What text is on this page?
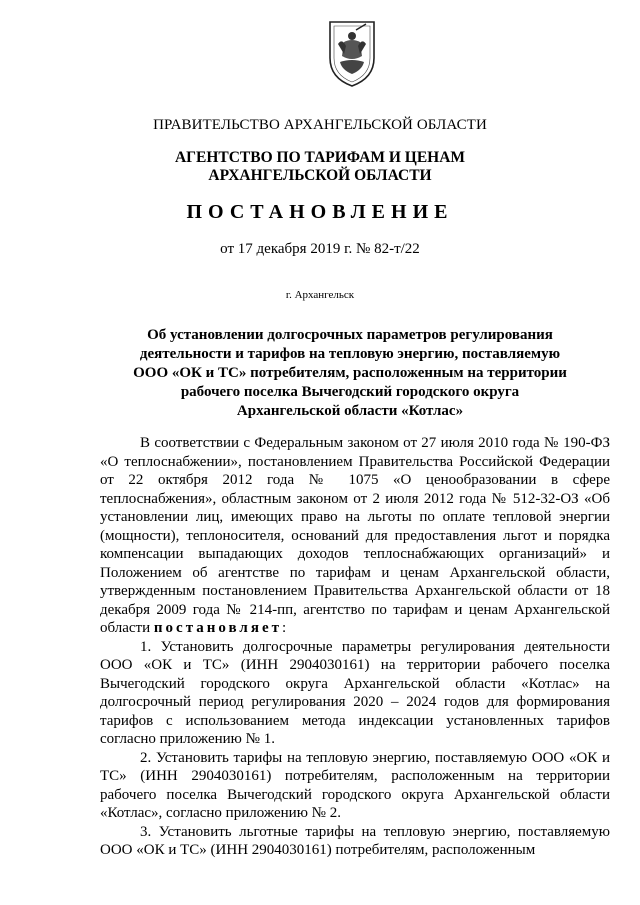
ПРАВИТЕЛЬСТВО АРХАНГЕЛЬСКОЙ ОБЛАСТИ
АГЕНТСТВО ПО ТАРИФАМ И ЦЕНАМ
АРХАНГЕЛЬСКОЙ ОБЛАСТИ
ПОСТАНОВЛЕНИЕ
от 17 декабря 2019 г. № 82-т/22
г. Архангельск
Об установлении долгосрочных параметров регулирования
деятельности и тарифов на тепловую энергию, поставляемую
ООО «ОК и ТС» потребителям, расположенным на территории
рабочего поселка Вычегодский городского округа
Архангельской области «Котлас»

В соответствии с Федеральным законом от 27 июля 2010 года № 190-ФЗ «О теплоснабжении», постановлением Правительства Российской Федерации от 22 октября 2012 года № 1075 «О ценообразовании в сфере теплоснабжения», областным законом от 2 июля 2012 года № 512-32-ОЗ «Об установлении лиц, имеющих право на льготы по оплате тепловой энергии (мощности), теплоносителя, оснований для предоставления льгот и порядка компенсации выпадающих доходов теплоснабжающих организаций» и Положением об агентстве по тарифам и ценам Архангельской области, утвержденным постановлением Правительства Архангельской области от 18 декабря 2009 года № 214-пп, агентство по тарифам и ценам Архангельской области постановляет:

1. Установить долгосрочные параметры регулирования деятельности ООО «ОК и ТС» (ИНН 2904030161) на территории рабочего поселка Вычегодский городского округа Архангельской области «Котлас» на долгосрочный период регулирования 2020 – 2024 годов для формирования тарифов с использованием метода индексации установленных тарифов согласно приложению № 1.

2. Установить тарифы на тепловую энергию, поставляемую ООО «ОК и ТС» (ИНН 2904030161) потребителям, расположенным на территории рабочего поселка Вычегодский городского округа Архангельской области «Котлас», согласно приложению № 2.

3. Установить льготные тарифы на тепловую энергию, поставляемую ООО «ОК и ТС» (ИНН 2904030161) потребителям, расположенным
